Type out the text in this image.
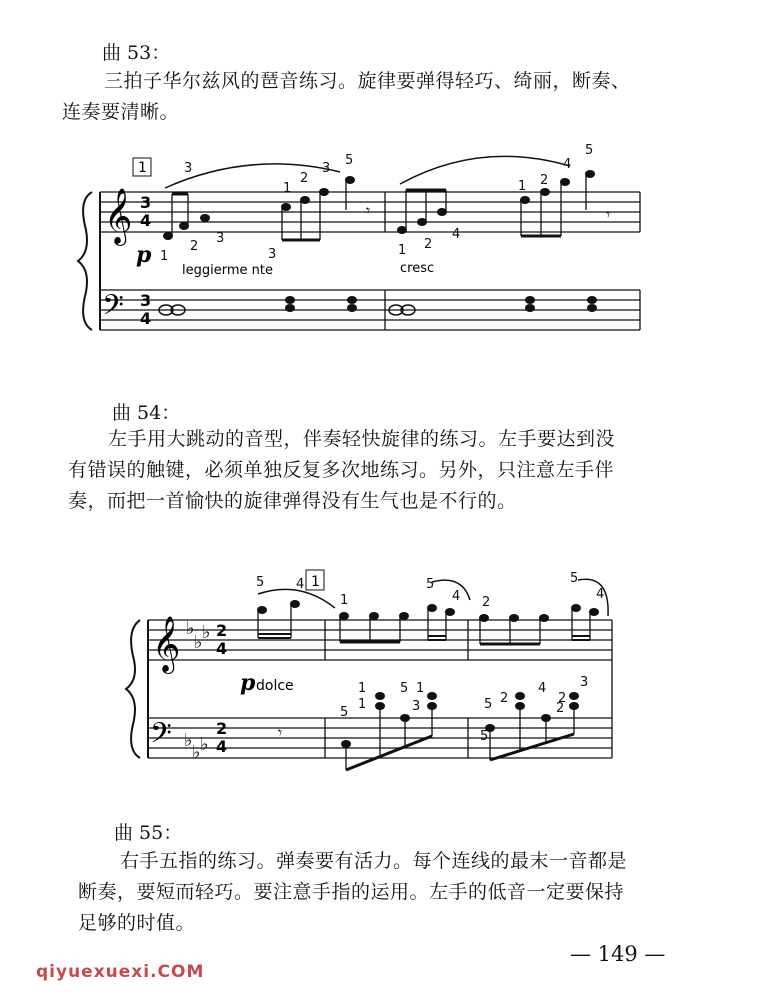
曲 53：
三拍子华尔兹风的琶音练习。旋律要弹得轻巧、绮丽，断奏、
连奏要清晰。
𝄞
𝄢
3
4
3
4
1
𝄾	𝄾
3	3
5
1
2
4
5
1 2
1
2
3
3	1 2
4
p
leggierme nte	cresc
曲 54：
左手用大跳动的音型，伴奏轻快旋律的练习。左手要达到没
有错误的触键，必须单独反复多次地练习。另外，只注意左手伴
奏，而把一首愉快的旋律弹得没有生气也是不行的。
𝄞
𝄢
♭
♭ ♭
♭
♭ ♭
2
4
2
4
1
𝄾
5 4
1
5
4 2
5
4
1
5
1
5
3
1
5 2
4
2
3
5
2
p dolce
曲 55：
右手五指的练习。弹奏要有活力。每个连线的最末一音都是
断奏，要短而轻巧。要注意手指的运用。左手的低音一定要保持
足够的时值。
— 149 —
qiyuexuexi.COM
